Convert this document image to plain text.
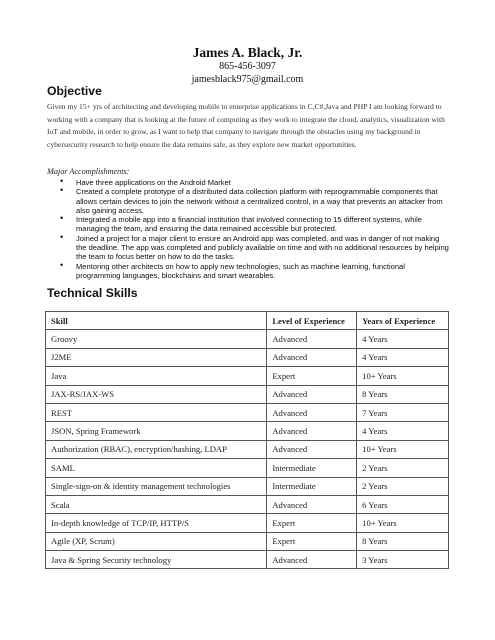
James A. Black, Jr.
865-456-3097
jamesblack975@gmail.com
Objective
Given my 15+ yrs of architecting and developing mobile to enterprise applications in C,C#,Java and PHP I am looking forward to working with a company that is looking at the future of computing as they work to integrate the cloud, analytics, visualization with IoT and mobile, in order to grow, as I want to help that company to navigate through the obstacles using my background in cybersecurity research to help ensure the data remains safe, as they explore new market opportunities.
Major Accomplishments:
• Have three applications on the Android Market
• Created a complete prototype of a distributed data collection platform with reprogrammable components that allows certain devices to join the network without a centralized control, in a way that prevents an attacker from also gaining access.
• Integrated a mobile app into a financial institution that involved connecting to 15 different systems, while managing the team, and ensuring the data remained accessible but protected.
• Joined a project for a major client to ensure an Android app was completed, and was in danger of not making the deadline. The app was completed and publicly available on time and with no additional resources by helping the team to focus better on how to do the tasks.
• Mentoring other architects on how to apply new technologies, such as machine learning, functional programming languages, blockchains and smart wearables.
Technical Skills
Skill	Level of Experience	Years of Experience
Groovy	Advanced	4 Years
J2ME	Advanced	4 Years
Java	Expert	10+ Years
JAX-RS/JAX-WS	Advanced	8 Years
REST	Advanced	7 Years
JSON, Spring Framework	Advanced	4 Years
Authorization (RBAC), encryption/hashing, LDAP	Advanced	10+ Years
SAML	Intermediate	2 Years
Single-sign-on & identity management technologies	Intermediate	2 Years
Scala	Advanced	6 Years
In-depth knowledge of TCP/IP, HTTP/S	Expert	10+ Years
Agile (XP, Scrum)	Expert	8 Years
Java & Spring Security technology	Advanced	3 Years
